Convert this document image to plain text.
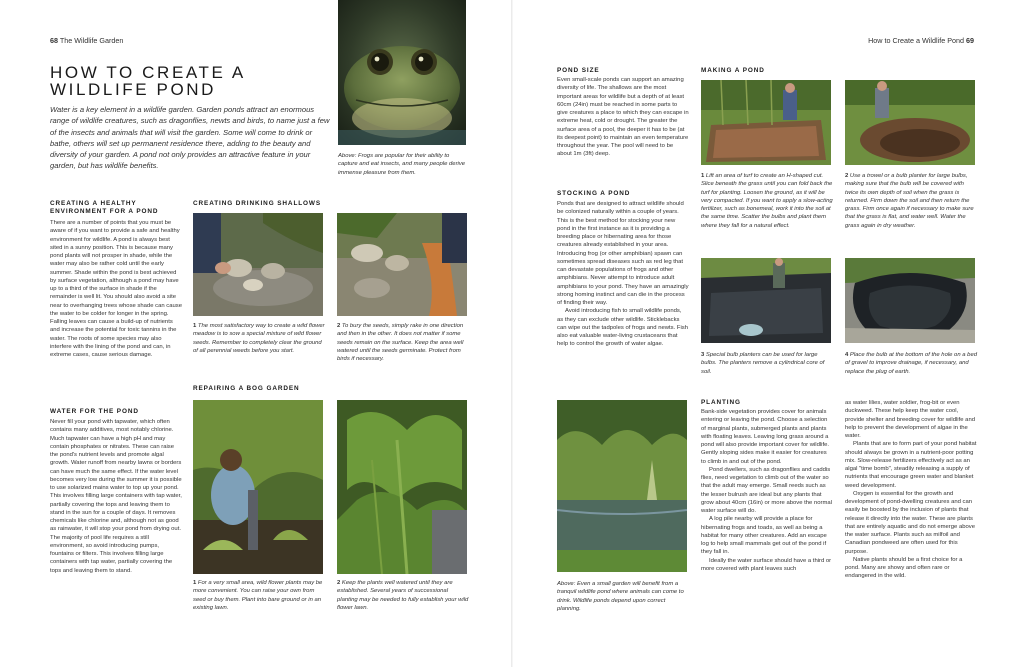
68 The Wildlife Garden
HOW TO CREATE A WILDLIFE POND
Water is a key element in a wildlife garden. Garden ponds attract an enormous range of wildlife creatures, such as dragonflies, newts and birds, to name just a few of the insects and animals that will visit the garden. Some will come to drink or bathe, others will set up permanent residence there, adding to the beauty and diversity of your garden. A pond not only provides an attractive feature in your garden, but has wildlife benefits.
Above: Frogs are popular for their ability to capture and eat insects, and many people derive immense pleasure from them.
CREATING A HEALTHY ENVIRONMENT FOR A POND
There are a number of points that you must be aware of if you want to provide a safe and healthy environment for wildlife. A pond is always best sited in a sunny position. This is because many pond plants will not prosper in shade, while the water may also be rather cold until the early summer. Shade within the pond is best achieved by surface vegetation, although a pond may have up to a third of the surface in shade if the remainder is well lit. You should also avoid a site near to overhanging trees whose shade can cause the water to be colder for longer in the spring. Falling leaves can cause a build-up of nutrients and increase the potential for toxic tannins in the water. The roots of some species may also interfere with the lining of the pond and can, in extreme cases, cause serious damage.
WATER FOR THE POND
Never fill your pond with tapwater, which often contains many additives, most notably chlorine. Much tapwater can have a high pH and may contain phosphates or nitrates. These can raise the pond's nutrient levels and promote algal growth. Water runoff from nearby lawns or borders can have much the same effect. If the water level becomes very low during the summer it is possible to use solarized mains water to top up your pond. This involves filling large containers with tap water, partially covering the tops and leaving them to stand in the sun for a couple of days. It removes chemicals like chlorine and, although not as good as rainwater, it will stop your pond from drying out. The majority of pool life requires a still environment, so avoid introducing pumps, fountains or filters. This involves filling large containers with tap water, partially covering the tops and leaving them to stand.
CREATING DRINKING SHALLOWS
1 The most satisfactory way to create a wild flower meadow is to sow a special mixture of wild flower seeds. Remember to completely clear the ground of all perennial weeds before you start.
2 To bury the seeds, simply rake in one direction and then in the other. It does not matter if some seeds remain on the surface. Keep the area well watered until the seeds germinate. Protect from birds if necessary.
REPAIRING A BOG GARDEN
1 For a very small area, wild flower plants may be more convenient. You can raise your own from seed or buy them. Plant into bare ground or in an existing lawn.
2 Keep the plants well watered until they are established. Several years of successional planting may be needed to fully establish your wild flower lawn.
How to Create a Wildlife Pond 69
POND SIZE
Even small-scale ponds can support an amazing diversity of life. The shallows are the most important areas for wildlife but a depth of at least 60cm (24in) must be reached in some parts to give creatures a place to which they can escape in extreme heat, cold or drought. The greater the surface area of a pool, the deeper it has to be (at its deepest point) to maintain an even temperature throughout the year. The pool will need to be about 1m (3ft) deep.
STOCKING A POND
Ponds that are designed to attract wildlife should be colonized naturally within a couple of years. This is the best method for stocking your new pond in the first instance as it is providing a breeding place or hibernating area for those creatures already established in your area. Introducing frog (or other amphibian) spawn can sometimes spread diseases such as red leg that can devastate populations of frogs and other amphibians. Never attempt to introduce adult amphibians to your pond. They have an amazingly strong homing instinct and can die in the process of finding their way.
Avoid introducing fish to small wildlife ponds, as they can exclude other wildlife. Sticklebacks can wipe out the tadpoles of frogs and newts. Fish also eat valuable water-living crustaceans that help to control the growth of water algae.
Above: Even a small garden will benefit from a tranquil wildlife pond where animals can come to drink. Wildlife ponds depend upon correct planning.
MAKING A POND
1 Lift an area of turf to create an H-shaped cut. Slice beneath the grass until you can fold back the turf for planting. Loosen the ground, as it will be very compacted. If you want to apply a slow-acting fertilizer, such as bonemeal, work it into the soil at the same time. Scatter the bulbs and plant them where they fall for a natural effect.
2 Use a trowel or a bulb planter for large bulbs, making sure that the bulb will be covered with twice its own depth of soil when the grass is returned. Firm down the soil and then return the grass. Firm once again if necessary to make sure that the grass is flat, and water well. Water the grass again in dry weather.
3 Special bulb planters can be used for large bulbs. The planters remove a cylindrical core of soil.
4 Place the bulb at the bottom of the hole on a bed of gravel to improve drainage, if necessary, and replace the plug of earth.
PLANTING
Bank-side vegetation provides cover for animals entering or leaving the pond. Choose a selection of marginal plants, submerged plants and plants with floating leaves. Leaving long grass around a pond will also provide important cover for wildlife. Gently sloping sides make it easier for creatures to climb in and out of the pond.
Pond dwellers, such as dragonflies and caddis flies, need vegetation to climb out of the water so that the adult may emerge. Small reeds such as the lesser bulrush are ideal but any plants that grow about 40cm (16in) or more above the normal water surface will do.
A log pile nearby will provide a place for hibernating frogs and toads, as well as being a habitat for many other creatures. Add an escape log to help small mammals get out of the pond if they fall in.
Ideally the water surface should have a third or more covered with plant leaves such
as water lilies, water soldier, frog-bit or even duckweed. These help keep the water cool, provide shelter and breeding cover for wildlife and help to prevent the development of algae in the water.
Plants that are to form part of your pond habitat should always be grown in a nutrient-poor potting mix. Slow-release fertilizers effectively act as an algal "time bomb", steadily releasing a supply of nutrients that encourage green water and blanket weed development.
Oxygen is essential for the growth and development of pond-dwelling creatures and can easily be boosted by the inclusion of plants that release it directly into the water. These are plants that are entirely aquatic and do not emerge above the water surface. Plants such as milfoil and Canadian pondweed are often used for this purpose.
Native plants should be a first choice for a pond. Many are showy and often rare or endangered in the wild.
